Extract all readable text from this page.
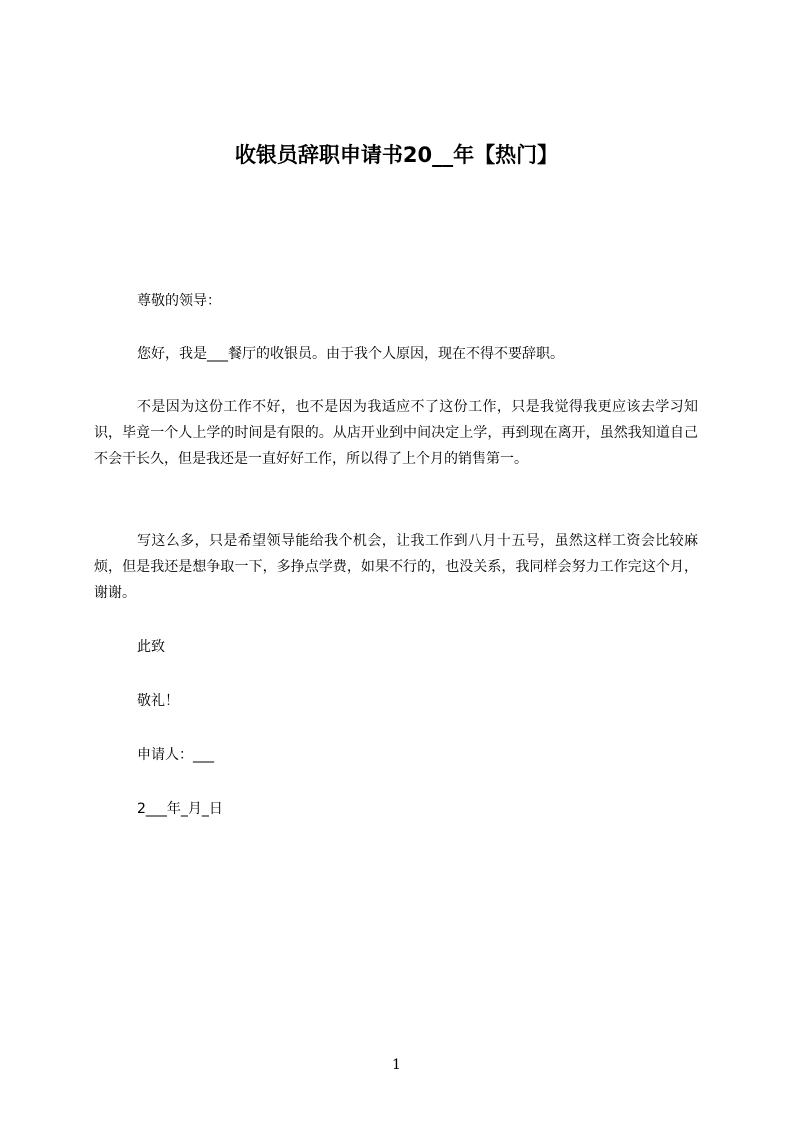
收银员辞职申请书20__年【热门】
尊敬的领导：
您好，我是___餐厅的收银员。由于我个人原因，现在不得不要辞职。
不是因为这份工作不好，也不是因为我适应不了这份工作，只是我觉得我更应该去学习知识，毕竟一个人上学的时间是有限的。从店开业到中间决定上学，再到现在离开，虽然我知道自己不会干长久，但是我还是一直好好工作，所以得了上个月的销售第一。
写这么多，只是希望领导能给我个机会，让我工作到八月十五号，虽然这样工资会比较麻烦，但是我还是想争取一下，多挣点学费，如果不行的，也没关系，我同样会努力工作完这个月，谢谢。
此致
敬礼！
申请人：___
2___年_月_日
1
